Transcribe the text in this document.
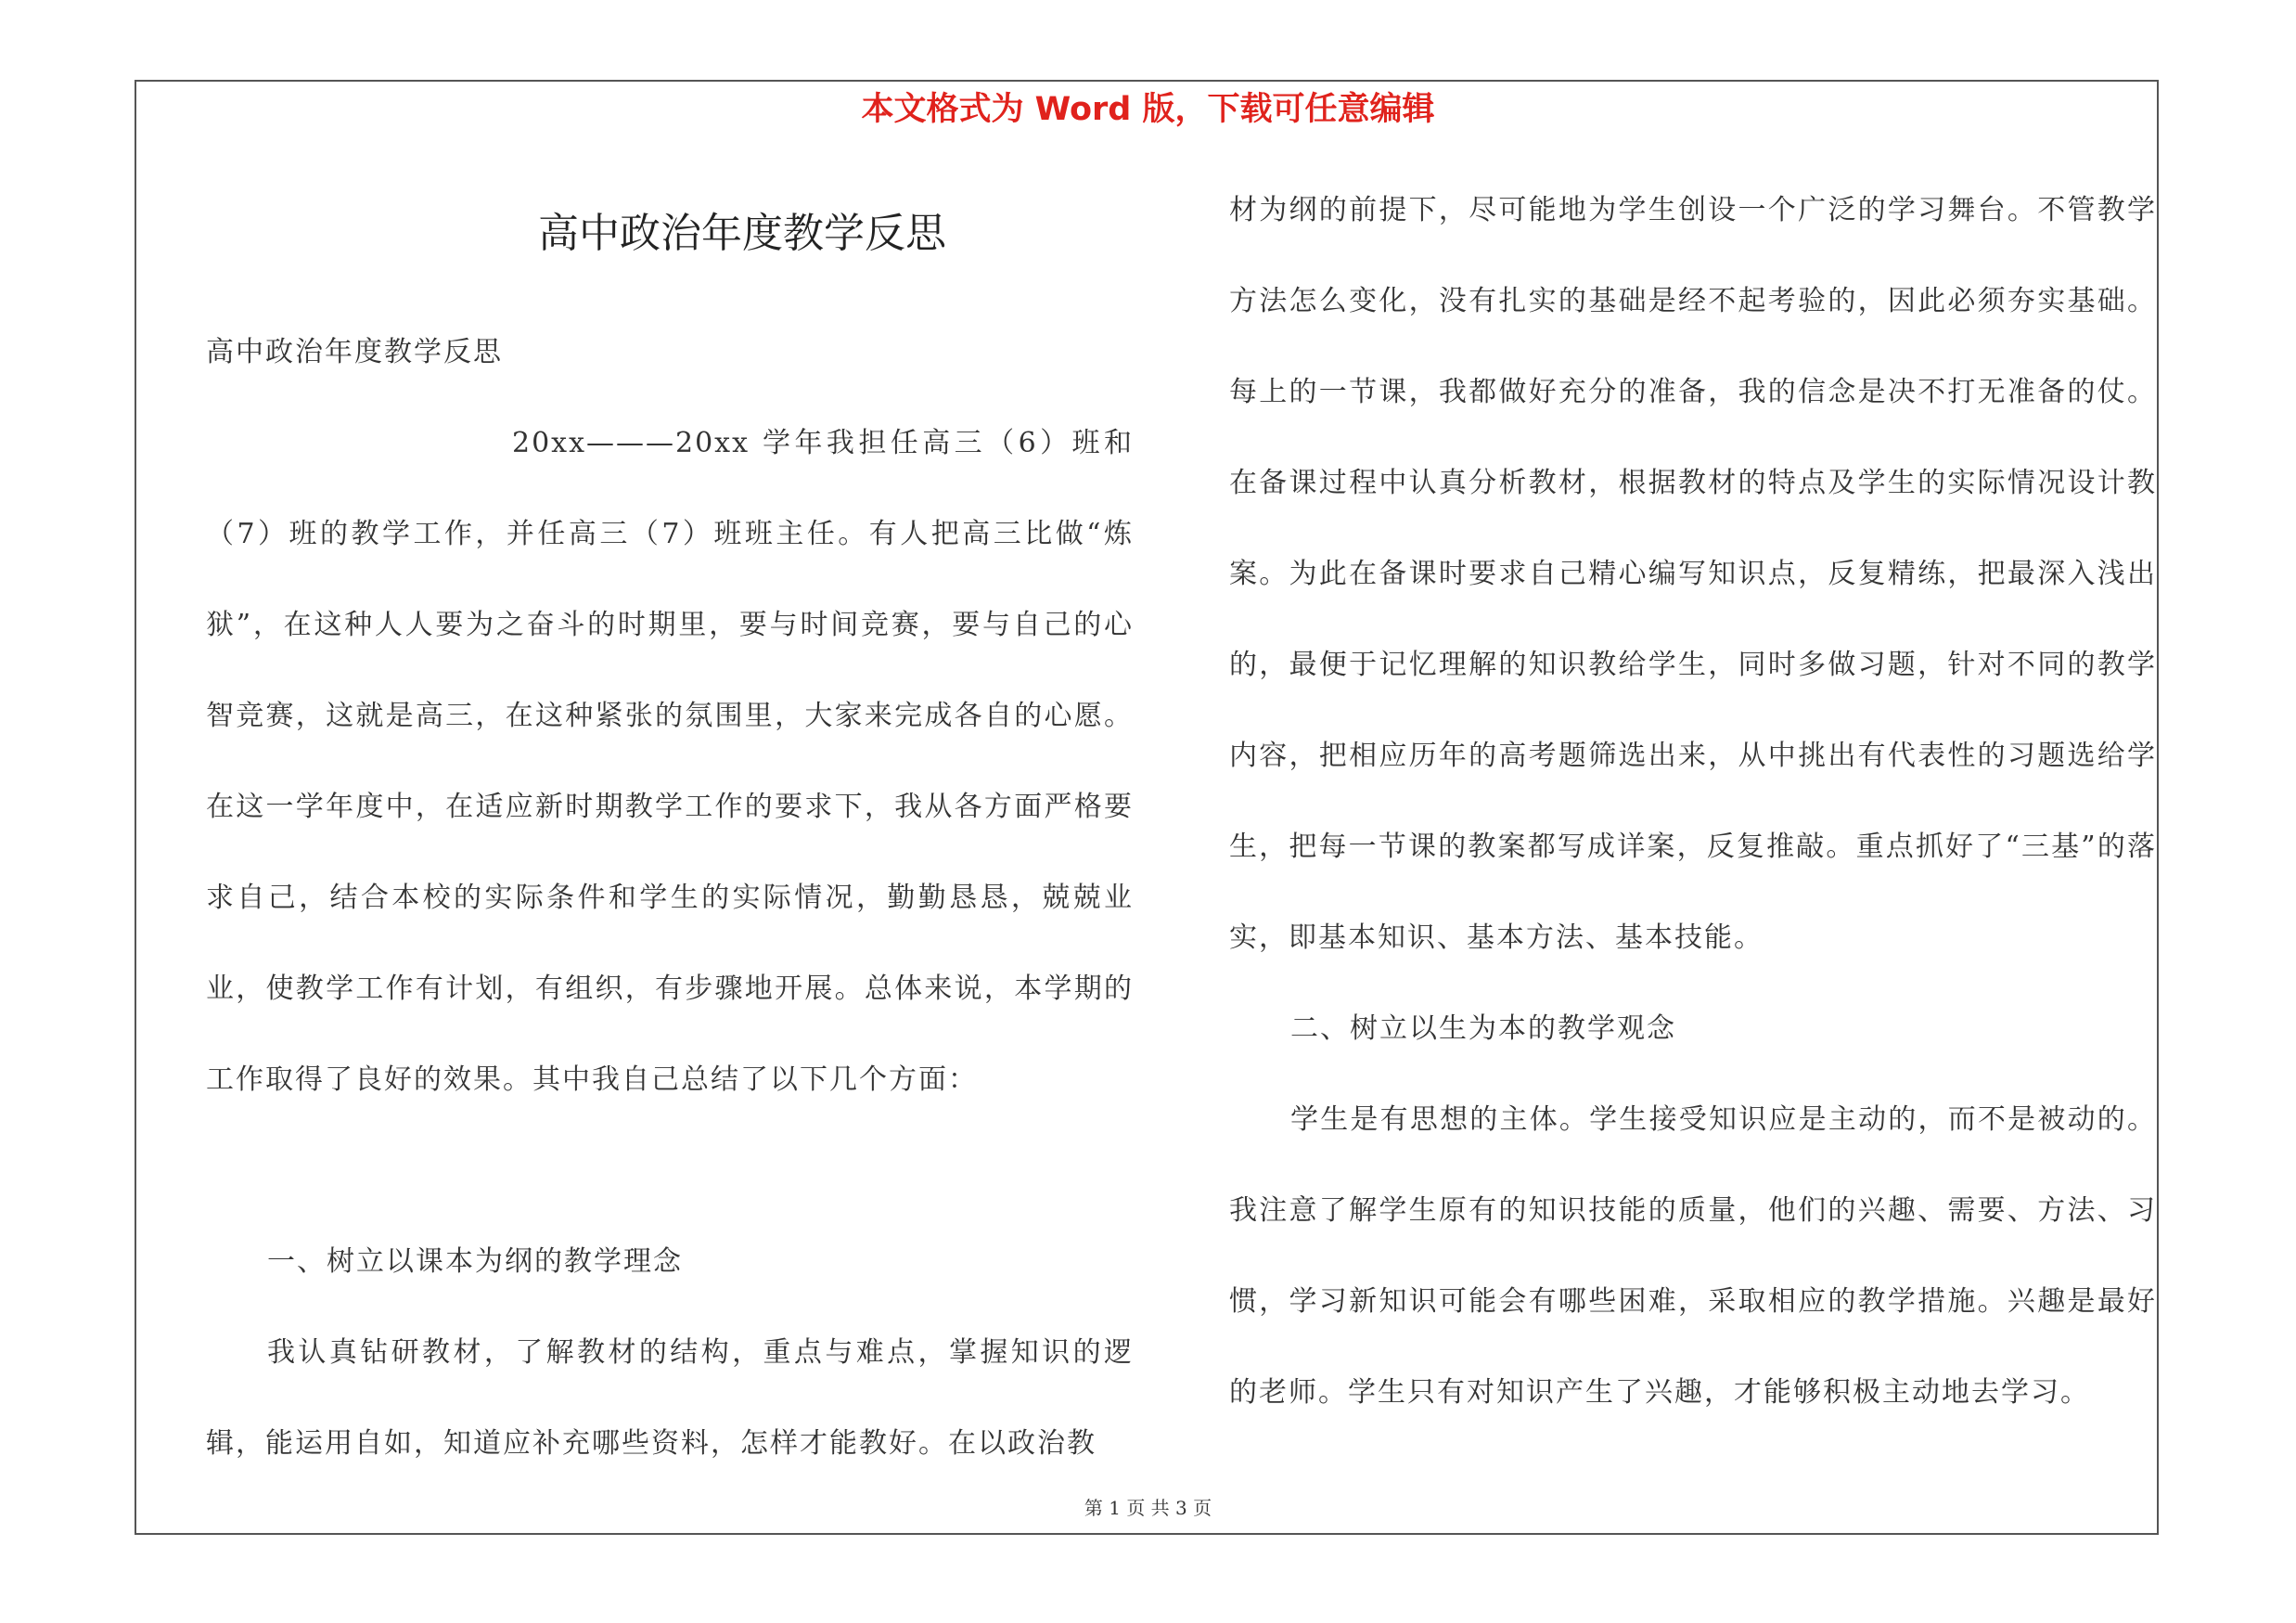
本文格式为 Word 版，下载可任意编辑
高中政治年度教学反思

高中政治年度教学反思

20xx———20xx 学年我担任高三（6）班和（7）班的教学工作，并任高三（7）班班主任。有人把高三比做“炼狱”，在这种人人要为之奋斗的时期里，要与时间竞赛，要与自己的心智竞赛，这就是高三，在这种紧张的氛围里，大家来完成各自的心愿。在这一学年度中，在适应新时期教学工作的要求下，我从各方面严格要求自己，结合本校的实际条件和学生的实际情况，勤勤恳恳，兢兢业业，使教学工作有计划，有组织，有步骤地开展。总体来说，本学期的工作取得了良好的效果。其中我自己总结了以下几个方面：

一、树立以课本为纲的教学理念

我认真钻研教材，了解教材的结构，重点与难点，掌握知识的逻辑，能运用自如，知道应补充哪些资料，怎样才能教好。在以政治教

材为纲的前提下，尽可能地为学生创设一个广泛的学习舞台。不管教学方法怎么变化，没有扎实的基础是经不起考验的，因此必须夯实基础。每上的一节课，我都做好充分的准备，我的信念是决不打无准备的仗。在备课过程中认真分析教材，根据教材的特点及学生的实际情况设计教案。为此在备课时要求自己精心编写知识点，反复精练，把最深入浅出的，最便于记忆理解的知识教给学生，同时多做习题，针对不同的教学内容，把相应历年的高考题筛选出来，从中挑出有代表性的习题选给学生，把每一节课的教案都写成详案，反复推敲。重点抓好了“三基”的落实，即基本知识、基本方法、基本技能。

二、树立以生为本的教学观念

学生是有思想的主体。学生接受知识应是主动的，而不是被动的。我注意了解学生原有的知识技能的质量，他们的兴趣、需要、方法、习惯，学习新知识可能会有哪些困难，采取相应的教学措施。兴趣是最好的老师。学生只有对知识产生了兴趣，才能够积极主动地去学习。

第 1 页 共 3 页
